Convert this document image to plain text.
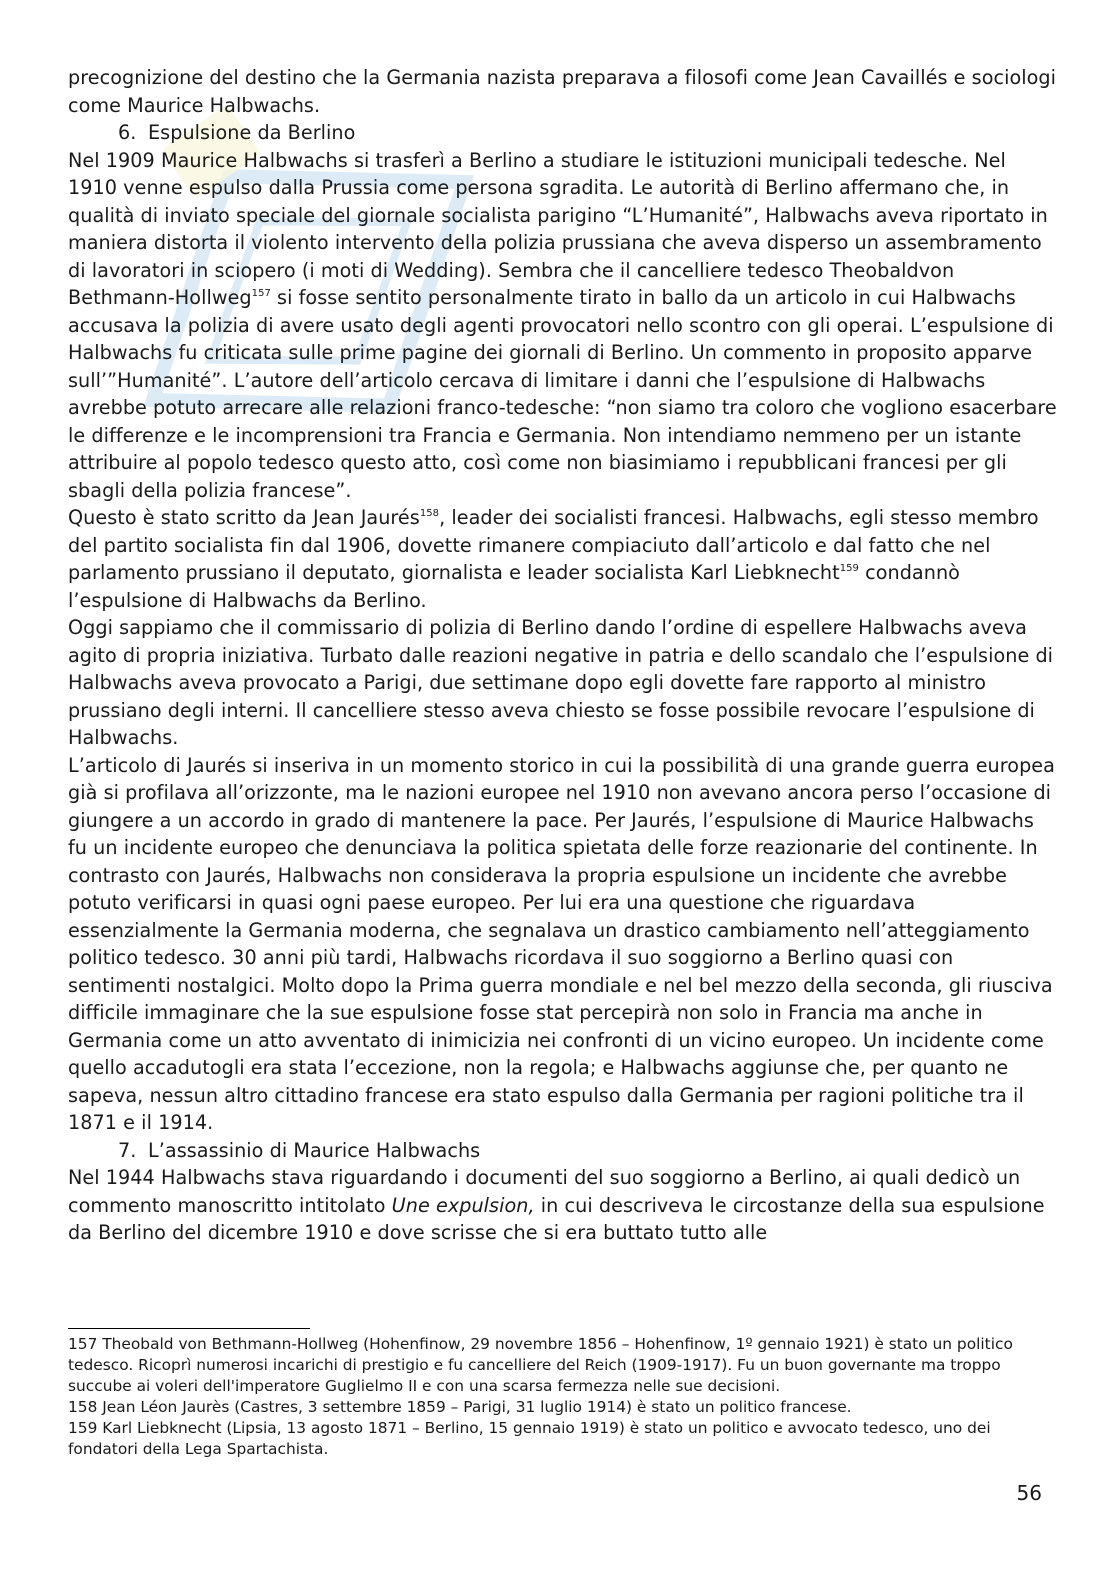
precognizione del destino che la Germania nazista preparava a filosofi come Jean Cavaillés e sociologi come Maurice Halbwachs.

6. Espulsione da Berlino

Nel 1909 Maurice Halbwachs si trasferì a Berlino a studiare le istituzioni municipali tedesche. Nel 1910 venne espulso dalla Prussia come persona sgradita. Le autorità di Berlino affermano che, in qualità di inviato speciale del giornale socialista parigino “L’Humanité”, Halbwachs aveva riportato in maniera distorta il violento intervento della polizia prussiana che aveva disperso un assembramento di lavoratori in sciopero (i moti di Wedding). Sembra che il cancelliere tedesco Theobaldvon Bethmann-Hollweg$^{157}$ si fosse sentito personalmente tirato in ballo da un articolo in cui Halbwachs accusava la polizia di avere usato degli agenti provocatori nello scontro con gli operai. L’espulsione di Halbwachs fu criticata sulle prime pagine dei giornali di Berlino. Un commento in proposito apparve sull’”Humanité”. L’autore dell’articolo cercava di limitare i danni che l’espulsione di Halbwachs avrebbe potuto arrecare alle relazioni franco-tedesche: “non siamo tra coloro che vogliono esacerbare le differenze e le incomprensioni tra Francia e Germania. Non intendiamo nemmeno per un istante attribuire al popolo tedesco questo atto, così come non biasimiamo i repubblicani francesi per gli sbagli della polizia francese”.

Questo è stato scritto da Jean Jaurés$^{158}$, leader dei socialisti francesi. Halbwachs, egli stesso membro del partito socialista fin dal 1906, dovette rimanere compiaciuto dall’articolo e dal fatto che nel parlamento prussiano il deputato, giornalista e leader socialista Karl Liebknecht$^{159}$ condannò l’espulsione di Halbwachs da Berlino.

Oggi sappiamo che il commissario di polizia di Berlino dando l’ordine di espellere Halbwachs aveva agito di propria iniziativa. Turbato dalle reazioni negative in patria e dello scandalo che l’espulsione di Halbwachs aveva provocato a Parigi, due settimane dopo egli dovette fare rapporto al ministro prussiano degli interni. Il cancelliere stesso aveva chiesto se fosse possibile revocare l’espulsione di Halbwachs.

L’articolo di Jaurés si inseriva in un momento storico in cui la possibilità di una grande guerra europea già si profilava all’orizzonte, ma le nazioni europee nel 1910 non avevano ancora perso l’occasione di giungere a un accordo in grado di mantenere la pace. Per Jaurés, l’espulsione di Maurice Halbwachs fu un incidente europeo che denunciava la politica spietata delle forze reazionarie del continente. In contrasto con Jaurés, Halbwachs non considerava la propria espulsione un incidente che avrebbe potuto verificarsi in quasi ogni paese europeo. Per lui era una questione che riguardava essenzialmente la Germania moderna, che segnalava un drastico cambiamento nell’atteggiamento politico tedesco. 30 anni più tardi, Halbwachs ricordava il suo soggiorno a Berlino quasi con sentimenti nostalgici. Molto dopo la Prima guerra mondiale e nel bel mezzo della seconda, gli riusciva difficile immaginare che la sue espulsione fosse stat percepirà non solo in Francia ma anche in Germania come un atto avventato di inimicizia nei confronti di un vicino europeo. Un incidente come quello accadutogli era stata l’eccezione, non la regola; e Halbwachs aggiunse che, per quanto ne sapeva, nessun altro cittadino francese era stato espulso dalla Germania per ragioni politiche tra il 1871 e il 1914.

7. L’assassinio di Maurice Halbwachs

Nel 1944 Halbwachs stava riguardando i documenti del suo soggiorno a Berlino, ai quali dedicò un commento manoscritto intitolato Une expulsion, in cui descriveva le circostanze della sua espulsione da Berlino del dicembre 1910 e dove scrisse che si era buttato tutto alle

157 Theobald von Bethmann-Hollweg (Hohenfinow, 29 novembre 1856 – Hohenfinow, 1º gennaio 1921) è stato un politico tedesco. Ricoprì numerosi incarichi di prestigio e fu cancelliere del Reich (1909-1917). Fu un buon governante ma troppo succube ai voleri dell'imperatore Guglielmo II e con una scarsa fermezza nelle sue decisioni.

158 Jean Léon Jaurès (Castres, 3 settembre 1859 – Parigi, 31 luglio 1914) è stato un politico francese.

159 Karl Liebknecht (Lipsia, 13 agosto 1871 – Berlino, 15 gennaio 1919) è stato un politico e avvocato tedesco, uno dei fondatori della Lega Spartachista.

56
